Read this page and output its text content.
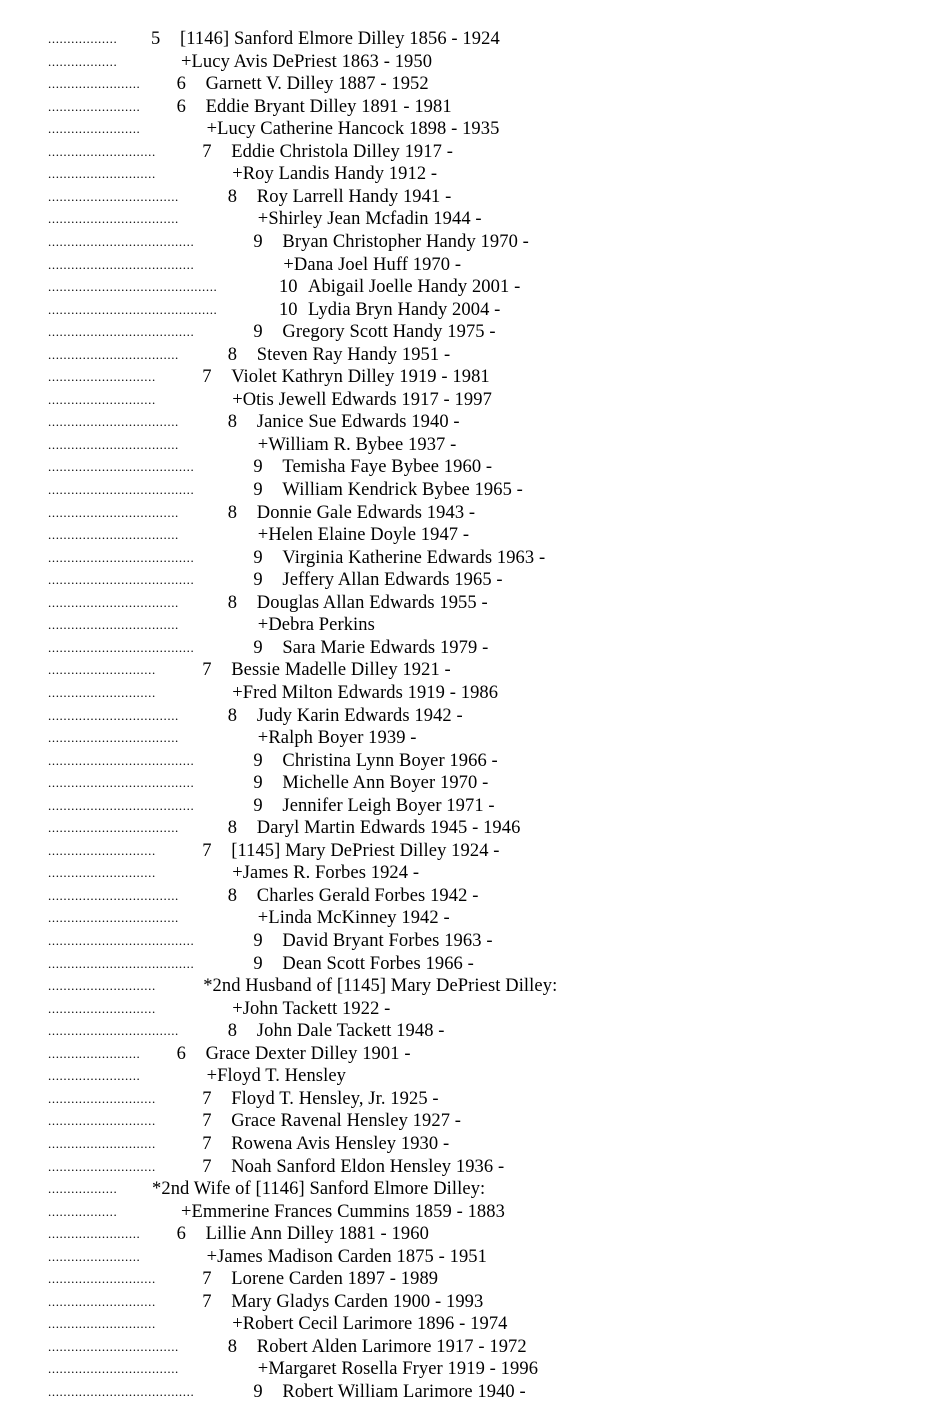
.................. 5 [1146] Sanford Elmore Dilley 1856 - 1924
..................	+Lucy Avis DePriest 1863 - 1950
........................ 6 Garnett V. Dilley 1887 - 1952
........................ 6 Eddie Bryant Dilley 1891 - 1981
........................	+Lucy Catherine Hancock 1898 - 1935
............................	7 Eddie Christola Dilley 1917 -
............................	+Roy Landis Handy 1912 -
..................................	8 Roy Larrell Handy 1941 -
..................................	+Shirley Jean Mcfadin 1944 -
......................................	9 Bryan Christopher Handy 1970 -
......................................	+Dana Joel Huff 1970 -
............................................	10 Abigail Joelle Handy 2001 -
............................................	10 Lydia Bryn Handy 2004 -
......................................	9 Gregory Scott Handy 1975 -
..................................	8 Steven Ray Handy 1951 -
............................	7 Violet Kathryn Dilley 1919 - 1981
............................	+Otis Jewell Edwards 1917 - 1997
..................................	8 Janice Sue Edwards 1940 -
..................................	+William R. Bybee 1937 -
......................................	9 Temisha Faye Bybee 1960 -
......................................	9 William Kendrick Bybee 1965 -
..................................	8 Donnie Gale Edwards 1943 -
..................................	+Helen Elaine Doyle 1947 -
......................................	9 Virginia Katherine Edwards 1963 -
......................................	9 Jeffery Allan Edwards 1965 -
..................................	8 Douglas Allan Edwards 1955 -
..................................	+Debra Perkins
......................................	9 Sara Marie Edwards 1979 -
............................	7 Bessie Madelle Dilley 1921 -
............................	+Fred Milton Edwards 1919 - 1986
..................................	8 Judy Karin Edwards 1942 -
..................................	+Ralph Boyer 1939 -
......................................	9 Christina Lynn Boyer 1966 -
......................................	9 Michelle Ann Boyer 1970 -
......................................	9 Jennifer Leigh Boyer 1971 -
..................................	8 Daryl Martin Edwards 1945 - 1946
............................	7 [1145] Mary DePriest Dilley 1924 -
............................	+James R. Forbes 1924 -
..................................	8 Charles Gerald Forbes 1942 -
..................................	+Linda McKinney 1942 -
......................................	9 David Bryant Forbes 1963 -
......................................	9 Dean Scott Forbes 1966 -
............................	*2nd Husband of [1145] Mary DePriest Dilley:
............................	+John Tackett 1922 -
..................................	8 John Dale Tackett 1948 -
........................ 6 Grace Dexter Dilley 1901 -
........................	+Floyd T. Hensley
............................	7 Floyd T. Hensley, Jr. 1925 -
............................	7 Grace Ravenal Hensley 1927 -
............................	7 Rowena Avis Hensley 1930 -
............................	7 Noah Sanford Eldon Hensley 1936 -
.................. *2nd Wife of [1146] Sanford Elmore Dilley:
..................	+Emmerine Frances Cummins 1859 - 1883
........................ 6 Lillie Ann Dilley 1881 - 1960
........................	+James Madison Carden 1875 - 1951
............................	7 Lorene Carden 1897 - 1989
............................	7 Mary Gladys Carden 1900 - 1993
............................	+Robert Cecil Larimore 1896 - 1974
..................................	8 Robert Alden Larimore 1917 - 1972
..................................	+Margaret Rosella Fryer 1919 - 1996
......................................	9 Robert William Larimore 1940 -
